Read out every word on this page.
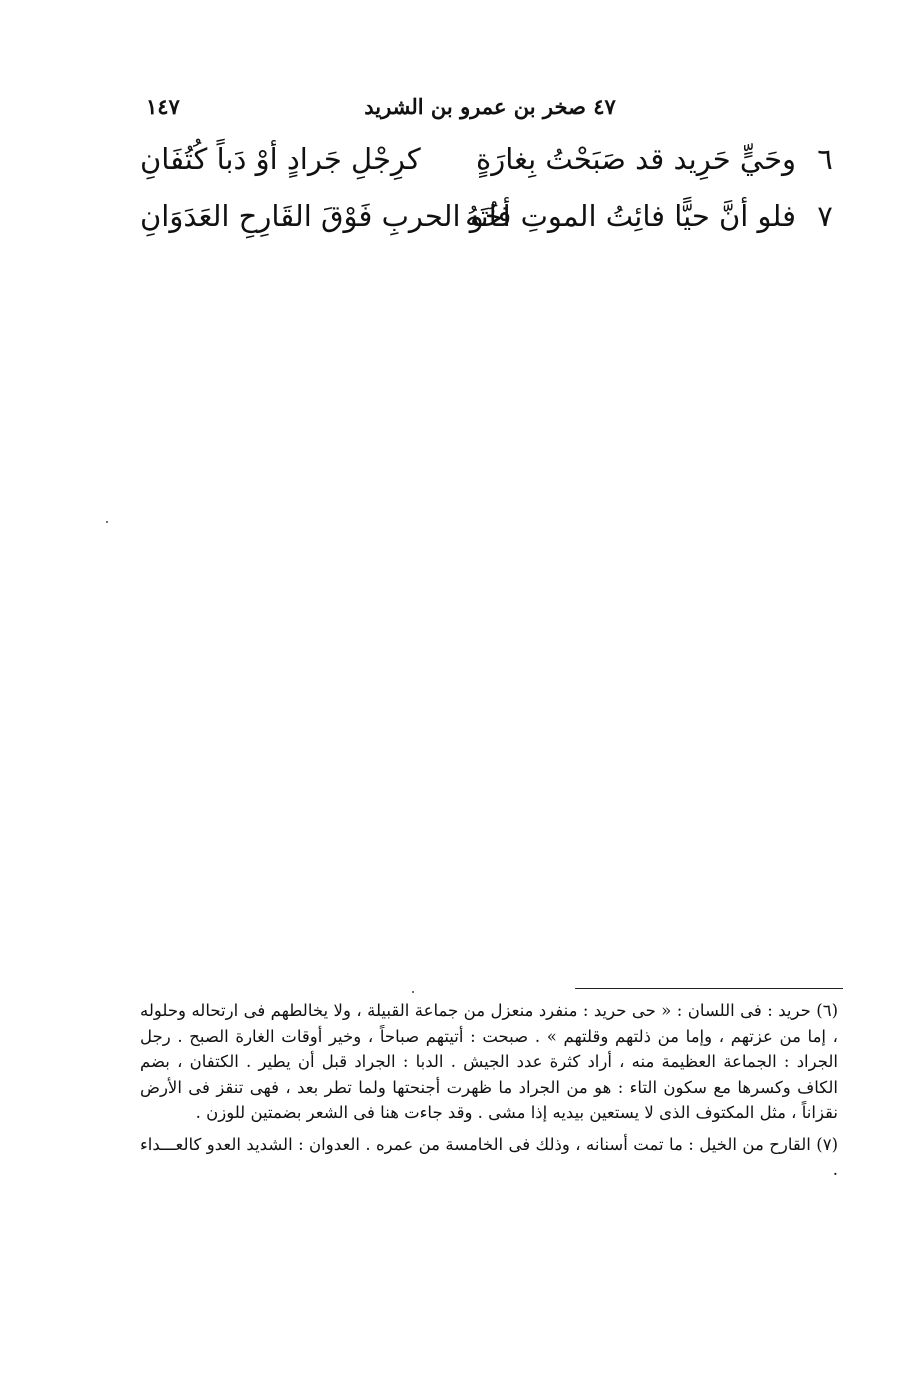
٤٧ صخر بن عمرو بن الشريد
١٤٧
٦
وحَيٍّ حَرِيد قد صَبَحْتُ بِغارَةٍ
كرِجْلِ جَرادٍ أوْ دَباً كُتُفَانِ
٧
فلو أنَّ حيًّا فائِتُ الموتِ فاتَهُ
أخُو الحربِ فَوْقَ القَارِحِ العَدَوَانِ

(٦) حريد : فى اللسان : « حى حريد : منفرد منعزل من جماعة القبيلة ، ولا يخالطهم فى ارتحاله وحلوله ، إما من عزتهم ، وإما من ذلتهم وقلتهم » . صبحت : أتيتهم صباحاً ، وخير أوقات الغارة الصبح . رجل الجراد : الجماعة العظيمة منه ، أراد كثرة عدد الجيش . الدبا : الجراد قبل أن يطير . الكتفان ، بضم الكاف وكسرها مع سكون التاء : هو من الجراد ما ظهرت أجنحتها ولما تطر بعد ، فهى تنقز فى الأرض نقزاناً ، مثل المكتوف الذى لا يستعين بيديه إذا مشى . وقد جاءت هنا فى الشعر بضمتين للوزن .

(٧) القارح من الخيل : ما تمت أسنانه ، وذلك فى الخامسة من عمره . العدوان : الشديد العدو كالعـــداء .
